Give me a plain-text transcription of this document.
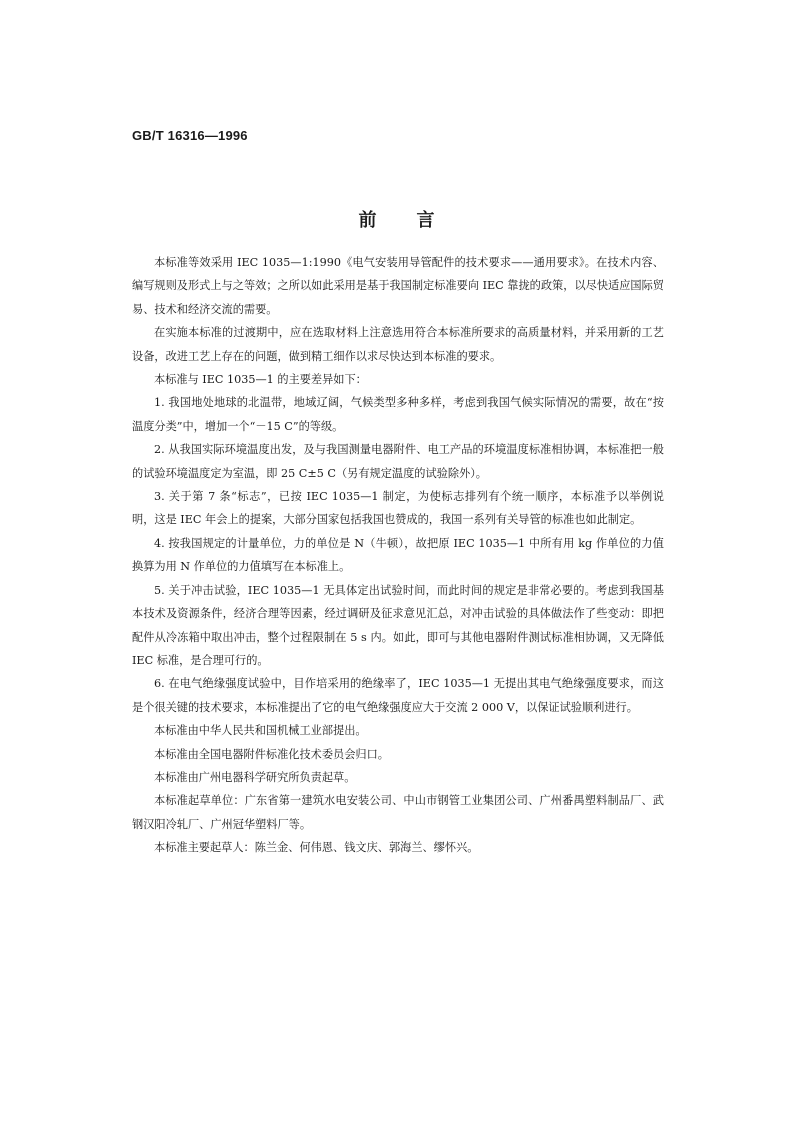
GB/T 16316—1996
前 言

本标准等效采用 IEC 1035—1:1990《电气安装用导管配件的技术要求——通用要求》。在技术内容、编写规则及形式上与之等效；之所以如此采用是基于我国制定标准要向 IEC 靠拢的政策，以尽快适应国际贸易、技术和经济交流的需要。

在实施本标准的过渡期中，应在选取材料上注意选用符合本标准所要求的高质量材料，并采用新的工艺设备，改进工艺上存在的问题，做到精工细作以求尽快达到本标准的要求。

本标准与 IEC 1035—1 的主要差异如下：

1. 我国地处地球的北温带，地域辽阔，气候类型多种多样，考虑到我国气候实际情况的需要，故在“按温度分类”中，增加一个“－15 C”的等级。

2. 从我国实际环境温度出发，及与我国测量电器附件、电工产品的环境温度标准相协调，本标准把一般的试验环境温度定为室温，即 25 C±5 C（另有规定温度的试验除外）。

3. 关于第 7 条“标志”，已按 IEC 1035—1 制定，为使标志排列有个统一顺序，本标准予以举例说明，这是 IEC 年会上的提案，大部分国家包括我国也赞成的，我国一系列有关导管的标准也如此制定。

4. 按我国规定的计量单位，力的单位是 N（牛顿），故把原 IEC 1035—1 中所有用 kg 作单位的力值换算为用 N 作单位的力值填写在本标准上。

5. 关于冲击试验，IEC 1035—1 无具体定出试验时间，而此时间的规定是非常必要的。考虑到我国基本技术及资源条件，经济合理等因素，经过调研及征求意见汇总，对冲击试验的具体做法作了些变动：即把配件从冷冻箱中取出冲击，整个过程限制在 5 s 内。如此，即可与其他电器附件测试标准相协调，又无降低 IEC 标准，是合理可行的。

6. 在电气绝缘强度试验中，目作培采用的绝缘率了，IEC 1035—1 无提出其电气绝缘强度要求，而这是个很关键的技术要求，本标准提出了它的电气绝缘强度应大于交流 2 000 V，以保证试验顺利进行。

本标准由中华人民共和国机械工业部提出。

本标准由全国电器附件标准化技术委员会归口。

本标准由广州电器科学研究所负责起草。

本标准起草单位：广东省第一建筑水电安装公司、中山市钢管工业集团公司、广州番禺塑料制品厂、武钢汉阳冷轧厂、广州冠华塑料厂等。

本标准主要起草人：陈兰金、何伟恩、钱文庆、郭海兰、缪怀兴。
